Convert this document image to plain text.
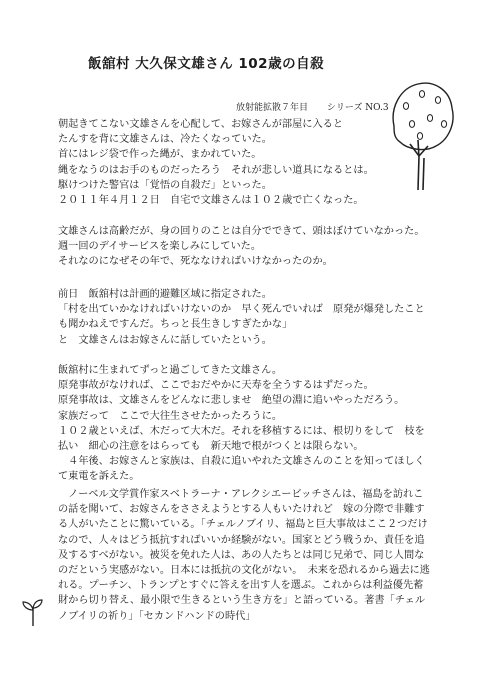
飯舘村 大久保文雄さん 102歳の自殺
放射能拡散７年目 シリーズ NO.3

朝起きてこない文雄さんを心配して、お嫁さんが部屋に入ると

たんすを背に文雄さんは、冷たくなっていた。

首にはレジ袋で作った縄が、まかれていた。

縄をなうのはお手のものだったろう　それが悲しい道具になるとは。

駆けつけた警官は「覚悟の自殺だ」といった。

２０１１年４月１２日　自宅で文雄さんは１０２歳で亡くなった。

文雄さんは高齢だが、身の回りのことは自分でできて、頭はぼけていなかった。　週一回のデイサービスを楽しみにしていた。

それなのになぜその年で、死ななければいけなかったのか。

前日　飯舘村は計画的避難区域に指定された。

「村を出ていかなければいけないのか　早く死んでいれば　原発が爆発したことも聞かねえですんだ。ちっと長生きしすぎたかな」

と　文雄さんはお嫁さんに話していたという。

飯舘村に生まれてずっと過ごしてきた文雄さん。

原発事故がなければ、ここでおだやかに天寿を全うするはずだった。

原発事故は、文雄さんをどんなに悲しませ　絶望の淵に追いやっただろう。

家族だって　ここで大往生させたかったろうに。

１０２歳といえば、木だって大木だ。それを移植するには、根切りをして　枝を払い　細心の注意をはらっても　新天地で根がつくとは限らない。

　４年後、お嫁さんと家族は、自殺に追いやれた文雄さんのことを知ってほしくて東電を訴えた。

　ノーベル文学賞作家スベトラーナ・アレクシエービッチさんは、福島を訪れこの話を聞いて、お嫁さんをささえようとする人もいたけれど　嫁の分際で非難する人がいたことに驚いている。「チェルノブイリ、福島と巨大事故はここ２つだけなので、人々はどう抵抗すればいいか経験がない。国家とどう戦うか、責任を追及するすべがない。被災を免れた人は、あの人たちとは同じ兄弟で、同じ人間なのだという実感がない。日本には抵抗の文化がない。　未来を恐れるから過去に逃れる。プーチン、トランプとすぐに答えを出す人を選ぶ。これからは利益優先蓄財から切り替え、最小限で生きるという生き方を」と語っている。著書「チェルノブイリの祈り」「セカンドハンドの時代」
